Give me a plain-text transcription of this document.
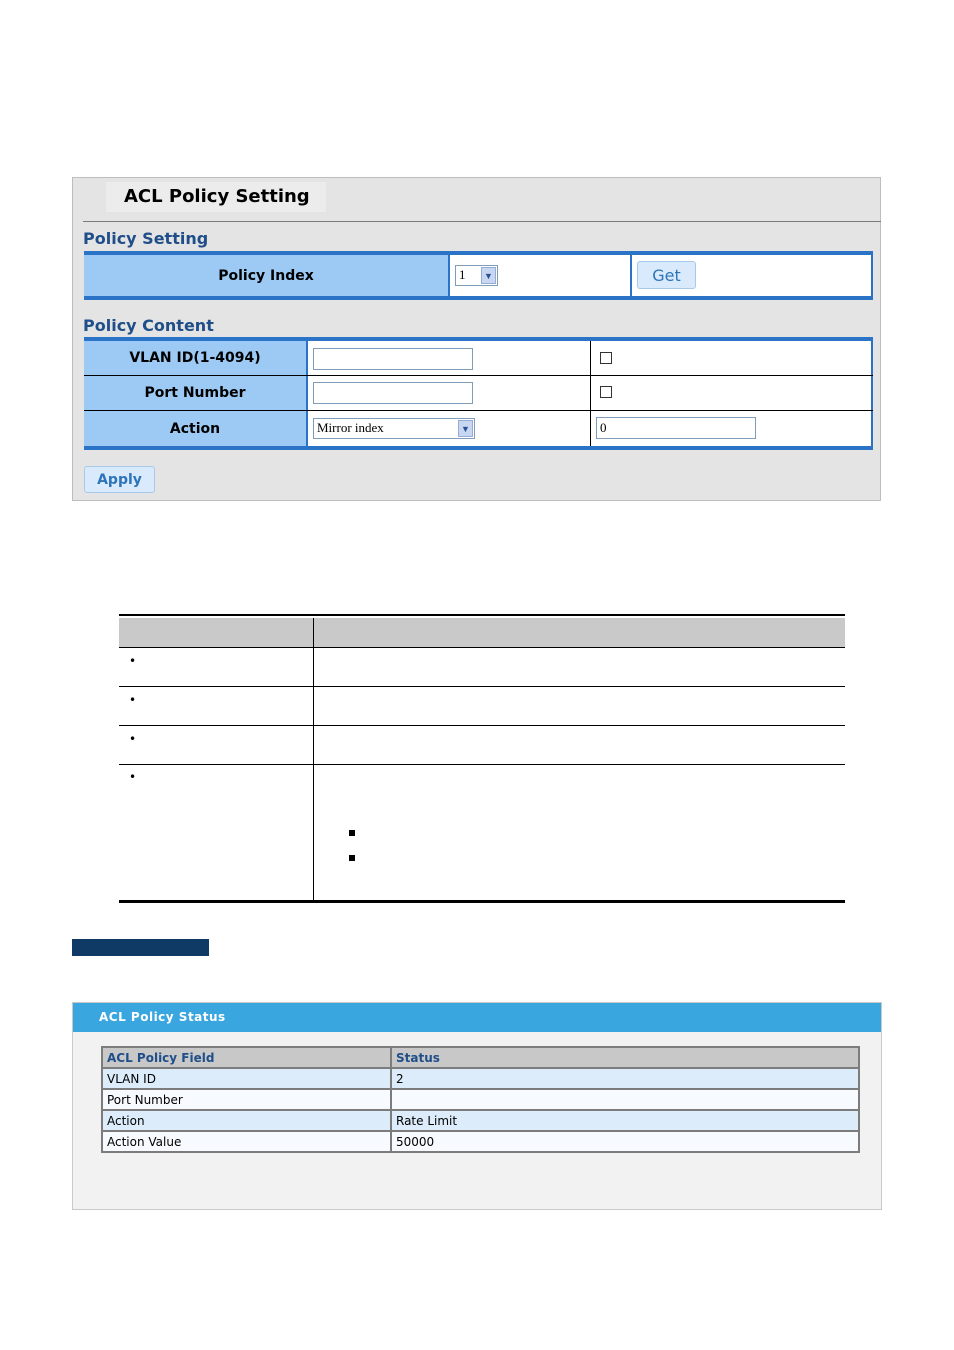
ACL Policy Setting
Policy Setting
Policy Index	1	▼	Get
Policy Content
VLAN ID(1-4094)
Port Number
Action	Mirror index	▼	0
Apply
•
•
•
•
ACL Policy Status
ACL Policy Field	Status
VLAN ID	2
Port Number	
Action	Rate Limit
Action Value	50000
